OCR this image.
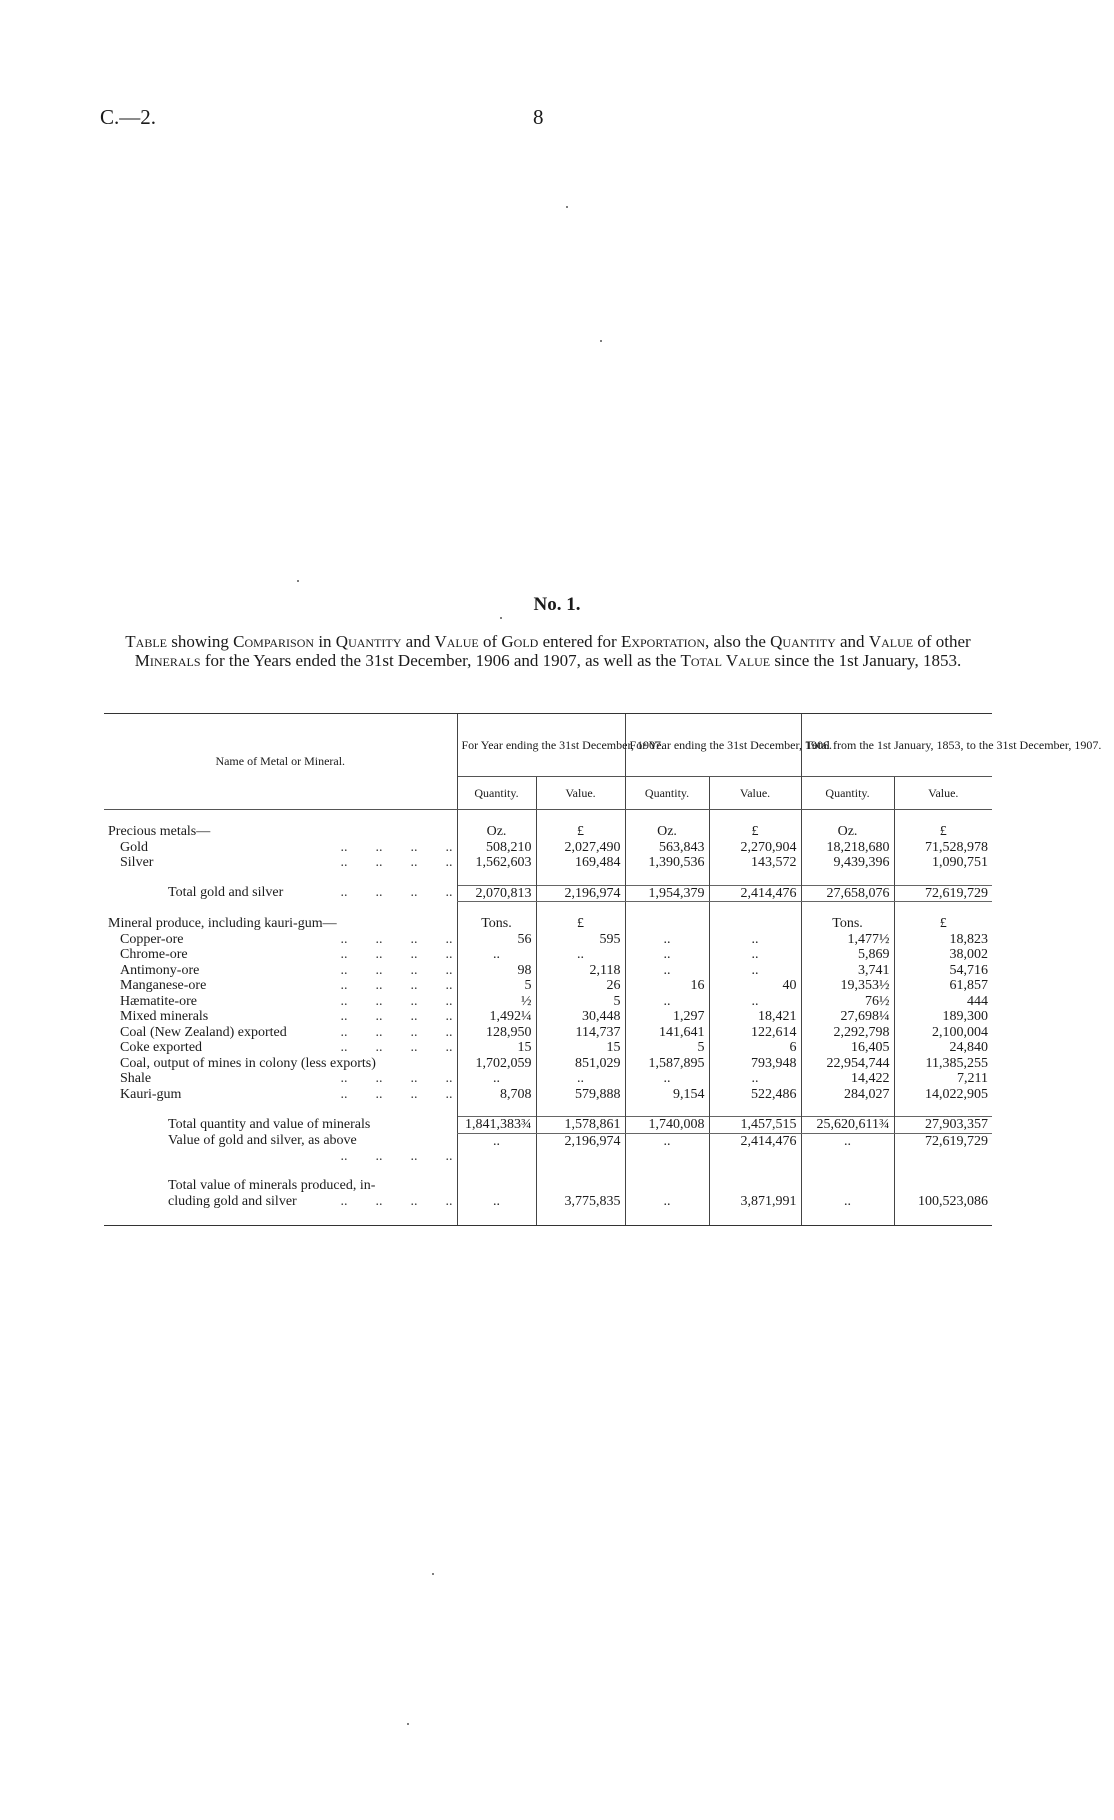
C.—2.	8
No. 1.
Table showing Comparison in Quantity and Value of Gold entered for Exportation, also the Quantity and Value of other Minerals for the Years ended the 31st December, 1906 and 1907, as well as the Total Value since the 1st January, 1853.
Name of Metal or Mineral.	For Year ending the 31st December, 1907.		For Year ending the 31st December, 1906.		Total from the 1st January, 1853, to the 31st December, 1907.	
	Quantity.	Value.	Quantity.	Value.	Quantity.	Value.

Precious metals—	Oz.	£	Oz.	£	Oz.	£
Gold ..  ..  ..  ..	508,210	2,027,490	563,843	2,270,904	18,218,680	71,528,978
Silver ..  ..  ..  ..	1,562,603	169,484	1,390,536	143,572	9,439,396	1,090,751

Total gold and silver ..  ..  ..  ..	2,070,813	2,196,974	1,954,379	2,414,476	27,658,076	72,619,729

Mineral produce, including kauri-gum—	Tons.	£			Tons.	£
Copper-ore ..  ..  ..  ..	56	595	..	..	1,477½	18,823
Chrome-ore ..  ..  ..  ..	..	..	..	..	5,869	38,002
Antimony-ore ..  ..  ..  ..	98	2,118	..	..	3,741	54,716
Manganese-ore ..  ..  ..  ..	5	26	16	40	19,353½	61,857
Hæmatite-ore ..  ..  ..  ..	½	5	..	..	76½	444
Mixed minerals ..  ..  ..  ..	1,492¼	30,448	1,297	18,421	27,698¼	189,300
Coal (New Zealand) exported ..  ..  ..  ..	128,950	114,737	141,641	122,614	2,292,798	2,100,004
Coke exported ..  ..  ..  ..	15	15	5	6	16,405	24,840
Coal, output of mines in colony (less exports)	1,702,059	851,029	1,587,895	793,948	22,954,744	11,385,255
Shale ..  ..  ..  ..	..	..	..	..	14,422	7,211
Kauri-gum ..  ..  ..  ..	8,708	579,888	9,154	522,486	284,027	14,022,905

Total quantity and value of minerals	1,841,383¾	1,578,861	1,740,008	1,457,515	25,620,611¾	27,903,357
Value of gold and silver, as above
..  ..  ..  ..	..	2,196,974	..	2,414,476	..	72,619,729

Total value of minerals produced, in-						
cluding gold and silver ..  ..  ..  ..	..	3,775,835	..	3,871,991	..	100,523,086
